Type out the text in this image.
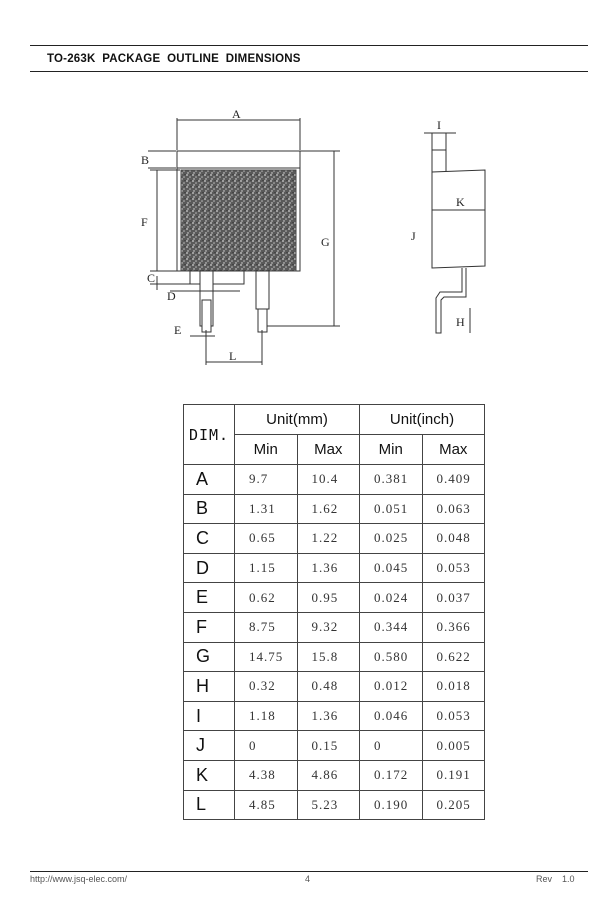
TO-263K  PACKAGE  OUTLINE  DIMENSIONS
A
B
F
C
D
E
G
L
I
K
J
H
DIM.	Unit(mm)		Unit(inch)	
	Min	Max	Min	Max
A	9.7	10.4	0.381	0.409
B	1.31	1.62	0.051	0.063
C	0.65	1.22	0.025	0.048
D	1.15	1.36	0.045	0.053
E	0.62	0.95	0.024	0.037
F	8.75	9.32	0.344	0.366
G	14.75	15.8	0.580	0.622
H	0.32	0.48	0.012	0.018
I	1.18	1.36	0.046	0.053
J	0	0.15	0	0.005
K	4.38	4.86	0.172	0.191
L	4.85	5.23	0.190	0.205
http://www.jsq-elec.com/	4	Rev    1.0
